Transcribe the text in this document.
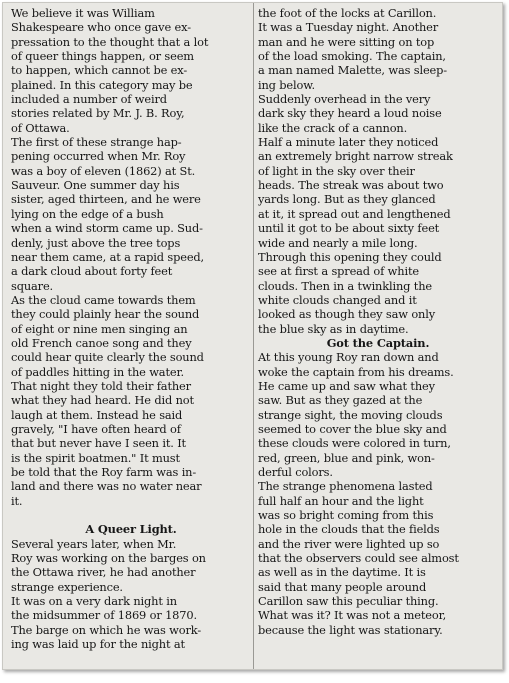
We believe it was William
Shakespeare who once gave ex-
pressation to the thought that a lot
of queer things happen, or seem
to happen, which cannot be ex-
plained. In this category may be
included a number of weird
stories related by Mr. J. B. Roy,
of Ottawa.
The first of these strange hap-
pening occurred when Mr. Roy
was a boy of eleven (1862) at St.
Sauveur. One summer day his
sister, aged thirteen, and he were
lying on the edge of a bush
when a wind storm came up. Sud-
denly, just above the tree tops
near them came, at a rapid speed,
a dark cloud about forty feet
square.
As the cloud came towards them
they could plainly hear the sound
of eight or nine men singing an
old French canoe song and they
could hear quite clearly the sound
of paddles hitting in the water.
That night they told their father
what they had heard. He did not
laugh at them. Instead he said
gravely, "I have often heard of
that but never have I seen it. It
is the spirit boatmen." It must
be told that the Roy farm was in-
land and there was no water near
it.
A Queer Light.
Several years later, when Mr.
Roy was working on the barges on
the Ottawa river, he had another
strange experience.
It was on a very dark night in
the midsummer of 1869 or 1870.
The barge on which he was work-
ing was laid up for the night at
the foot of the locks at Carillon.
It was a Tuesday night. Another
man and he were sitting on top
of the load smoking. The captain,
a man named Malette, was sleep-
ing below.
Suddenly overhead in the very
dark sky they heard a loud noise
like the crack of a cannon.
Half a minute later they noticed
an extremely bright narrow streak
of light in the sky over their
heads. The streak was about two
yards long. But as they glanced
at it, it spread out and lengthened
until it got to be about sixty feet
wide and nearly a mile long.
Through this opening they could
see at first a spread of white
clouds. Then in a twinkling the
white clouds changed and it
looked as though they saw only
the blue sky as in daytime.
Got the Captain.
At this young Roy ran down and
woke the captain from his dreams.
He came up and saw what they
saw. But as they gazed at the
strange sight, the moving clouds
seemed to cover the blue sky and
these clouds were colored in turn,
red, green, blue and pink, won-
derful colors.
The strange phenomena lasted
full half an hour and the light
was so bright coming from this
hole in the clouds that the fields
and the river were lighted up so
that the observers could see almost
as well as in the daytime. It is
said that many people around
Carillon saw this peculiar thing.
What was it? It was not a meteor,
because the light was stationary.
